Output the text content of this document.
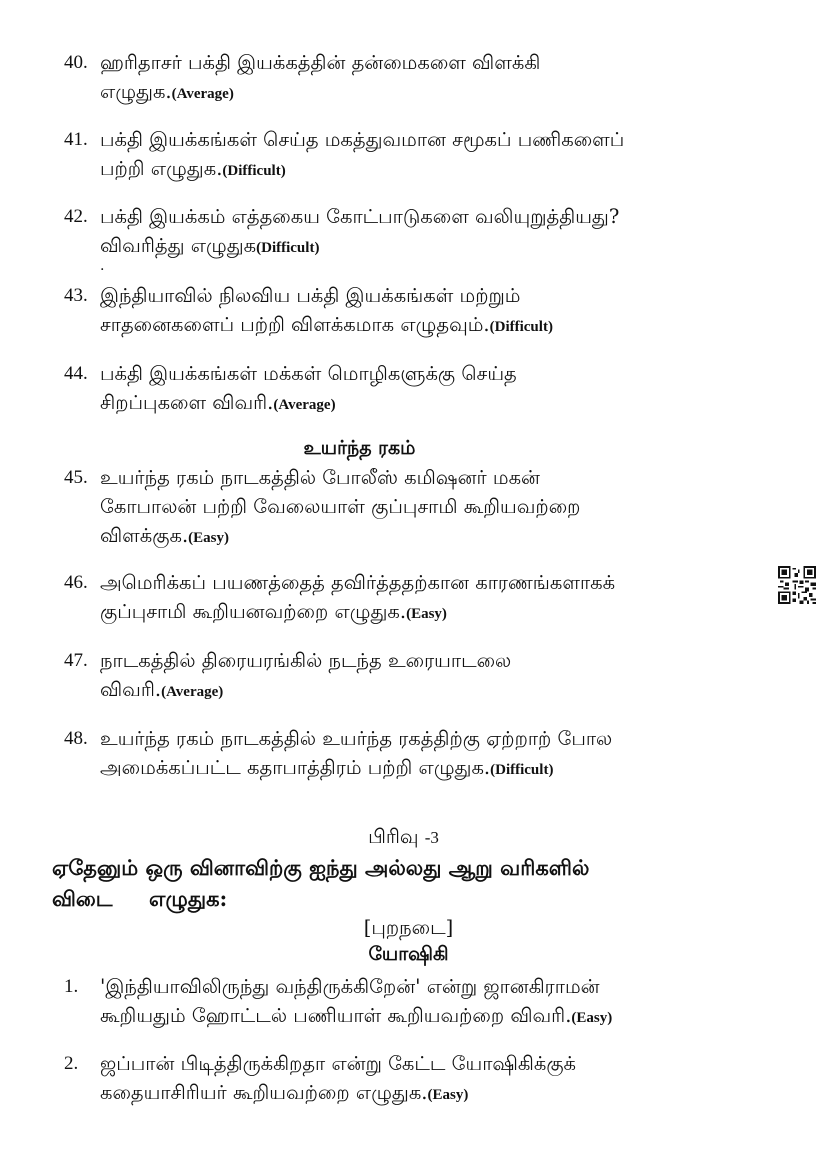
40. ஹரிதாசர் பக்தி இயக்கத்தின் தன்மைகளை விளக்கி
எழுதுக.(Average)
41. பக்தி இயக்கங்கள் செய்த மகத்துவமான சமூகப் பணிகளைப்
பற்றி எழுதுக.(Difficult)
42. பக்தி இயக்கம் எத்தகைய கோட்பாடுகளை வலியுறுத்தியது?
விவரித்து எழுதுக(Difficult)
.
43. இந்தியாவில் நிலவிய பக்தி இயக்கங்கள் மற்றும்
சாதனைகளைப் பற்றி விளக்கமாக எழுதவும்.(Difficult)
44. பக்தி இயக்கங்கள் மக்கள் மொழிகளுக்கு செய்த
சிறப்புகளை விவரி.(Average)
உயர்ந்த ரகம்
45. உயர்ந்த ரகம் நாடகத்தில் போலீஸ் கமிஷனர் மகன்
கோபாலன் பற்றி வேலையாள் குப்புசாமி கூறியவற்றை
விளக்குக.(Easy)
46. அமெரிக்கப் பயணத்தைத் தவிர்த்ததற்கான காரணங்களாகக்
குப்புசாமி கூறியனவற்றை எழுதுக.(Easy)
47. நாடகத்தில் திரையரங்கில் நடந்த உரையாடலை
விவரி.(Average)
48. உயர்ந்த ரகம் நாடகத்தில் உயர்ந்த ரகத்திற்கு ஏற்றாற் போல
அமைக்கப்பட்ட கதாபாத்திரம் பற்றி எழுதுக.(Difficult)
பிரிவு -3
ஏதேனும் ஒரு வினாவிற்கு ஐந்து அல்லது ஆறு வரிகளில்
விடை     எழுதுக:
[புறநடை]
யோஷிகி
1.	'இந்தியாவிலிருந்து வந்திருக்கிறேன்' என்று ஜானகிராமன்
கூறியதும் ஹோட்டல் பணியாள் கூறியவற்றை விவரி.(Easy)
2.	ஜப்பான் பிடித்திருக்கிறதா என்று கேட்ட யோஷிகிக்குக்
கதையாசிரியர் கூறியவற்றை எழுதுக.(Easy)
